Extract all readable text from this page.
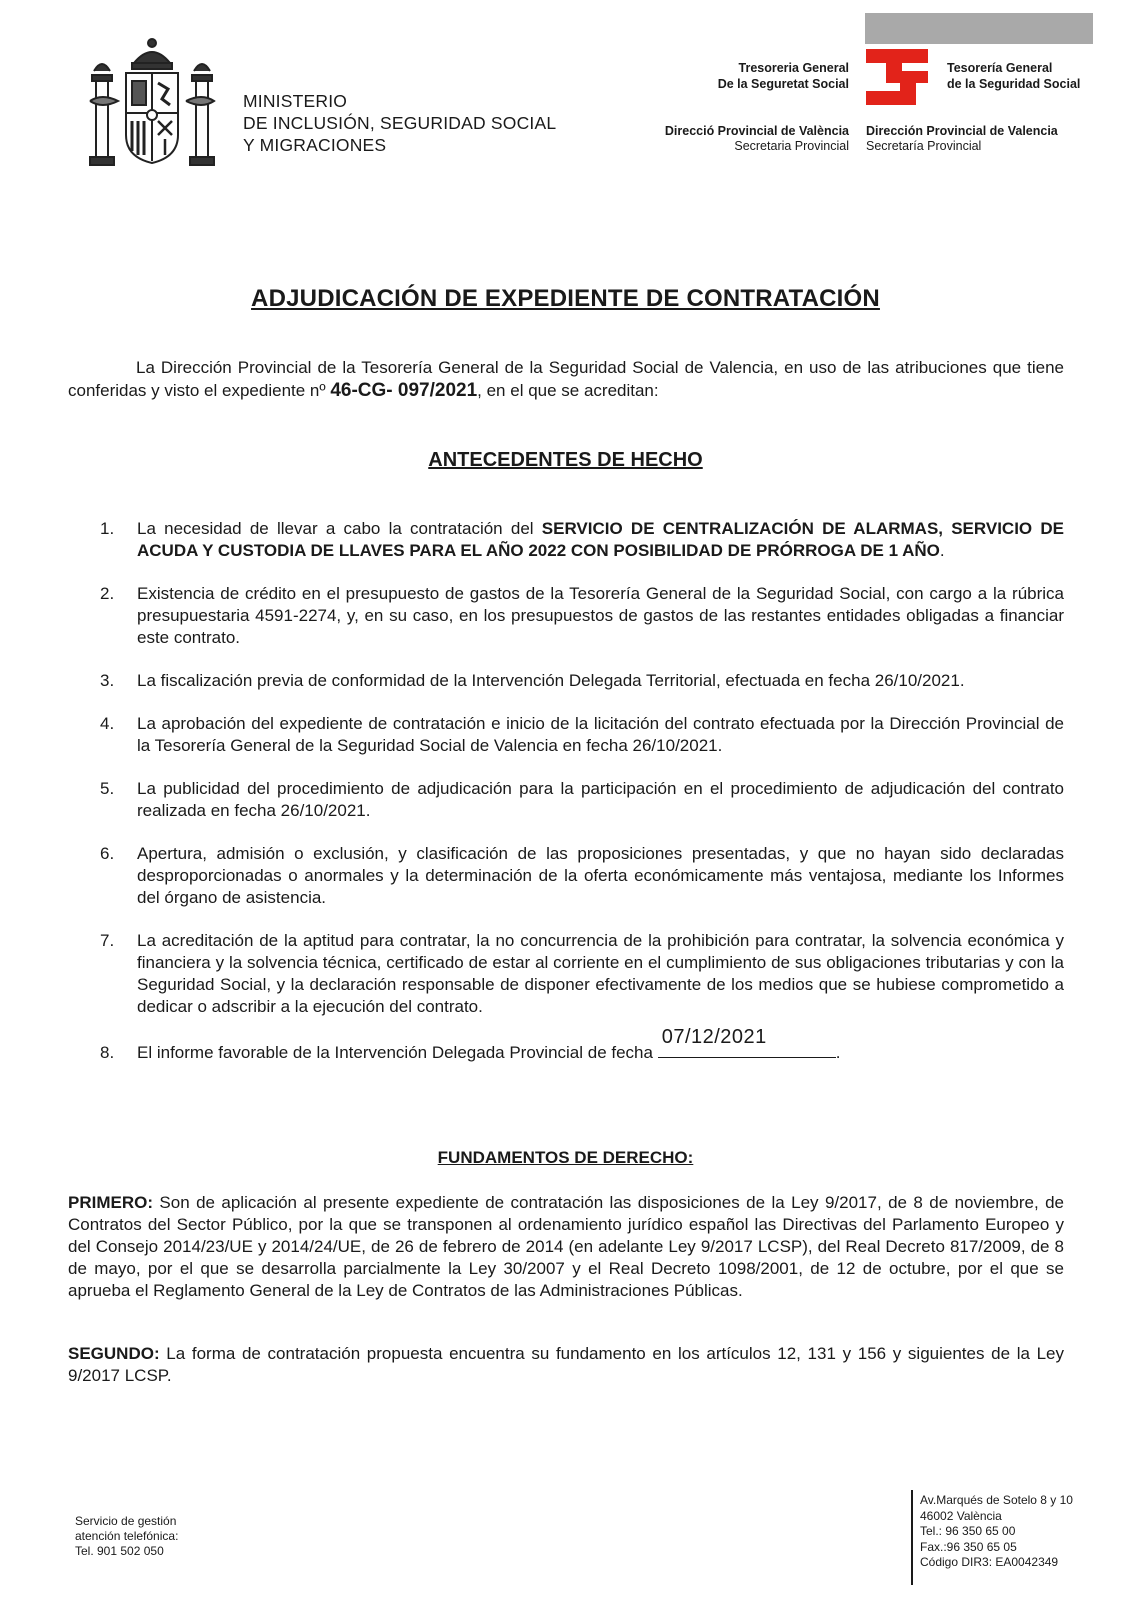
MINISTERIO
DE INCLUSIÓN, SEGURIDAD SOCIAL
Y MIGRACIONES
Tresoreria General
De la Seguretat Social
Tesorería General
de la Seguridad Social
Direcció Provincial de València
Secretaria Provincial
Dirección Provincial de Valencia
Secretaría Provincial
ADJUDICACIÓN DE EXPEDIENTE DE CONTRATACIÓN
La Dirección Provincial de la Tesorería General de la Seguridad Social de Valencia, en uso de las atribuciones que tiene conferidas y visto el expediente nº 46-CG- 097/2021, en el que se acreditan:
ANTECEDENTES DE HECHO
1. La necesidad de llevar a cabo la contratación del SERVICIO DE CENTRALIZACIÓN DE ALARMAS, SERVICIO DE ACUDA Y CUSTODIA DE LLAVES PARA EL AÑO 2022 CON POSIBILIDAD DE PRÓRROGA DE 1 AÑO.
2. Existencia de crédito en el presupuesto de gastos de la Tesorería General de la Seguridad Social, con cargo a la rúbrica presupuestaria 4591-2274, y, en su caso, en los presupuestos de gastos de las restantes entidades obligadas a financiar este contrato.
3. La fiscalización previa de conformidad de la Intervención Delegada Territorial, efectuada en fecha 26/10/2021.
4. La aprobación del expediente de contratación e inicio de la licitación del contrato efectuada por la Dirección Provincial de la Tesorería General de la Seguridad Social de Valencia en fecha 26/10/2021.
5. La publicidad del procedimiento de adjudicación para la participación en el procedimiento de adjudicación del contrato realizada en fecha 26/10/2021.
6. Apertura, admisión o exclusión, y clasificación de las proposiciones presentadas, y que no hayan sido declaradas desproporcionadas o anormales y la determinación de la oferta económicamente más ventajosa, mediante los Informes del órgano de asistencia.
7. La acreditación de la aptitud para contratar, la no concurrencia de la prohibición para contratar, la solvencia económica y financiera y la solvencia técnica, certificado de estar al corriente en el cumplimiento de sus obligaciones tributarias y con la Seguridad Social, y la declaración responsable de disponer efectivamente de los medios que se hubiese comprometido a dedicar o adscribir a la ejecución del contrato.
8. El informe favorable de la Intervención Delegada Provincial de fecha
07/12/2021
.
FUNDAMENTOS DE DERECHO:
PRIMERO: Son de aplicación al presente expediente de contratación las disposiciones de la Ley 9/2017, de 8 de noviembre, de Contratos del Sector Público, por la que se transponen al ordenamiento jurídico español las Directivas del Parlamento Europeo y del Consejo 2014/23/UE y 2014/24/UE, de 26 de febrero de 2014 (en adelante Ley 9/2017 LCSP), del Real Decreto 817/2009, de 8 de mayo, por el que se desarrolla parcialmente la Ley 30/2007 y el Real Decreto 1098/2001, de 12 de octubre, por el que se aprueba el Reglamento General de la Ley de Contratos de las Administraciones Públicas.
SEGUNDO: La forma de contratación propuesta encuentra su fundamento en los artículos 12, 131 y 156 y siguientes de la Ley 9/2017 LCSP.
Servicio de gestión
atención telefónica:
Tel. 901 502 050
Av.Marqués de Sotelo 8 y 10
46002 València
Tel.: 96 350 65 00
Fax.:96 350 65 05
Código DIR3: EA0042349
